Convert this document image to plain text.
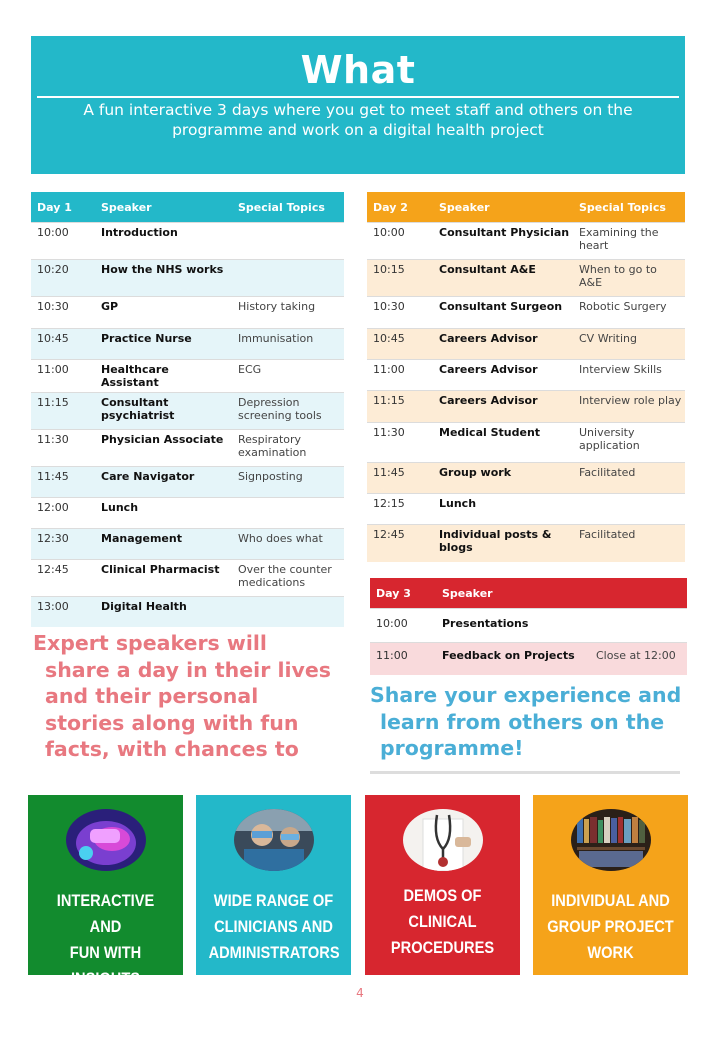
What
A fun interactive 3 days where you get to meet staff and others on the
programme and work on a digital health project
Day 1	Speaker	Special Topics
10:00	Introduction	
10:20	How the NHS works	
10:30	GP	History taking
10:45	Practice Nurse	Immunisation
11:00	Healthcare Assistant	ECG
11:15	Consultant psychiatrist	Depression screening tools
11:30	Physician Associate	Respiratory examination
11:45	Care Navigator	Signposting
12:00	Lunch	
12:30	Management	Who does what
12:45	Clinical Pharmacist	Over the counter medications
13:00	Digital Health	
Day 2	Speaker	Special Topics
10:00	Consultant Physician	Examining the heart
10:15	Consultant A&E	When to go to A&E
10:30	Consultant Surgeon	Robotic Surgery
10:45	Careers Advisor	CV Writing
11:00	Careers Advisor	Interview Skills
11:15	Careers Advisor	Interview role play
11:30	Medical Student	University application
11:45	Group work	Facilitated
12:15	Lunch	
12:45	Individual posts & blogs	Facilitated
Day 3	Speaker	
10:00	Presentations	
11:00	Feedback on Projects	Close at 12:00
Expert speakers will
share a day in their lives
and their personal
stories along with fun
facts, with chances to
Share your experience and
learn from others on the
programme!
INTERACTIVE AND
FUN WITH INSIGHTS
ON DIGITAL HEALTH
WIDE RANGE OF
CLINICIANS AND
ADMINISTRATORS
DEMOS OF CLINICAL
PROCEDURES
INDIVIDUAL AND
GROUP PROJECT
WORK
4
